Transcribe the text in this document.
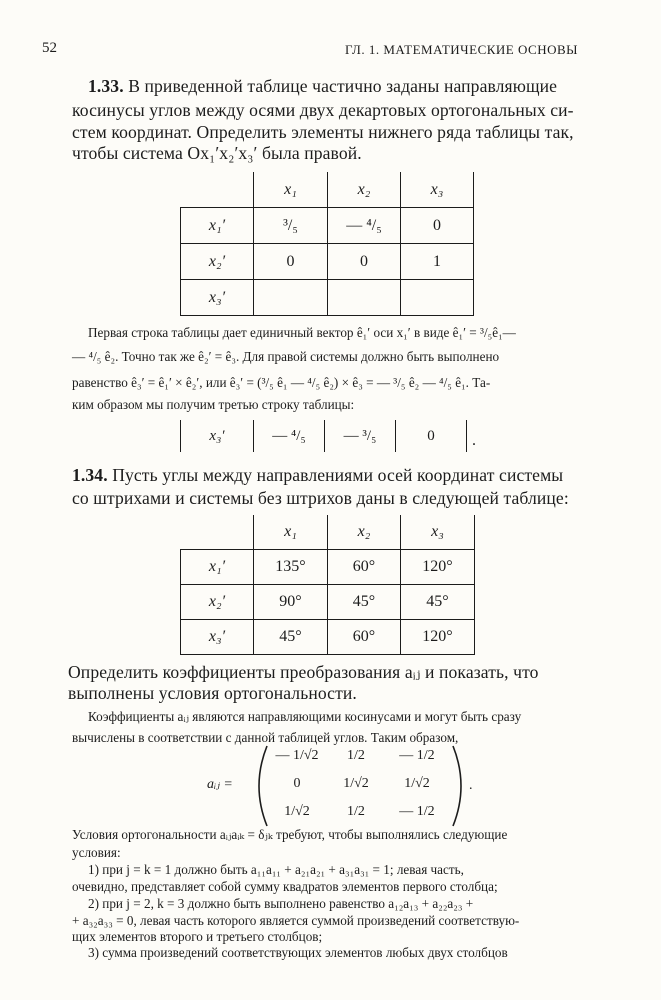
52	ГЛ. 1. МАТЕМАТИЧЕСКИЕ ОСНОВЫ
1.33. В приведенной таблице частично заданы направляющие
косинусы углов между осями двух декартовых ортогональных си-
стем координат. Определить элементы нижнего ряда таблицы так,
чтобы система Ox₁′x₂′x₃′ была правой.
	x₁	x₂	x₃
x₁′	³/₅	— ⁴/₅	0
x₂′	0	0	1
x₃′			
Первая строка таблицы дает единичный вектор ê₁′ оси x₁′ в виде ê₁′ = ³/₅ê₁—
— ⁴/₅ ê₂. Точно так же ê₂′ = ê₃. Для правой системы должно быть выполнено
равенство ê₃′ = ê₁′ × ê₂′, или ê₃′ = (³/₅ ê₁ — ⁴/₅ ê₂) × ê₃ = — ³/₅ ê₂ — ⁴/₅ ê₁. Та-
ким образом мы получим третью строку таблицы:
x₃′	— ⁴/₅	— ³/₅	0 .
1.34. Пусть углы между направлениями осей координат системы
со штрихами и системы без штрихов даны в следующей таблице:
	x₁	x₂	x₃
x₁′	135°	60°	120°
x₂′	90°	45°	45°
x₃′	45°	60°	120°
Определить коэффициенты преобразования aᵢⱼ и показать, что
выполнены условия ортогональности.
Коэффициенты aᵢⱼ являются направляющими косинусами и могут быть сразу
вычислены в соответствии с данной таблицей углов. Таким образом,
aᵢⱼ =
— 1/√2	1/2	— 1/2
0	1/√2	1/√2
1/√2	1/2	— 1/2
.
Условия ортогональности aᵢⱼaᵢₖ = δⱼₖ требуют, чтобы выполнялись следующие
условия:
1) при j = k = 1 должно быть a₁₁a₁₁ + a₂₁a₂₁ + a₃₁a₃₁ = 1; левая часть,
очевидно, представляет собой сумму квадратов элементов первого столбца;
2) при j = 2, k = 3 должно быть выполнено равенство a₁₂a₁₃ + a₂₂a₂₃ +
+ a₃₂a₃₃ = 0, левая часть которого является суммой произведений соответствую-
щих элементов второго и третьего столбцов;
3) сумма произведений соответствующих элементов любых двух столбцов
